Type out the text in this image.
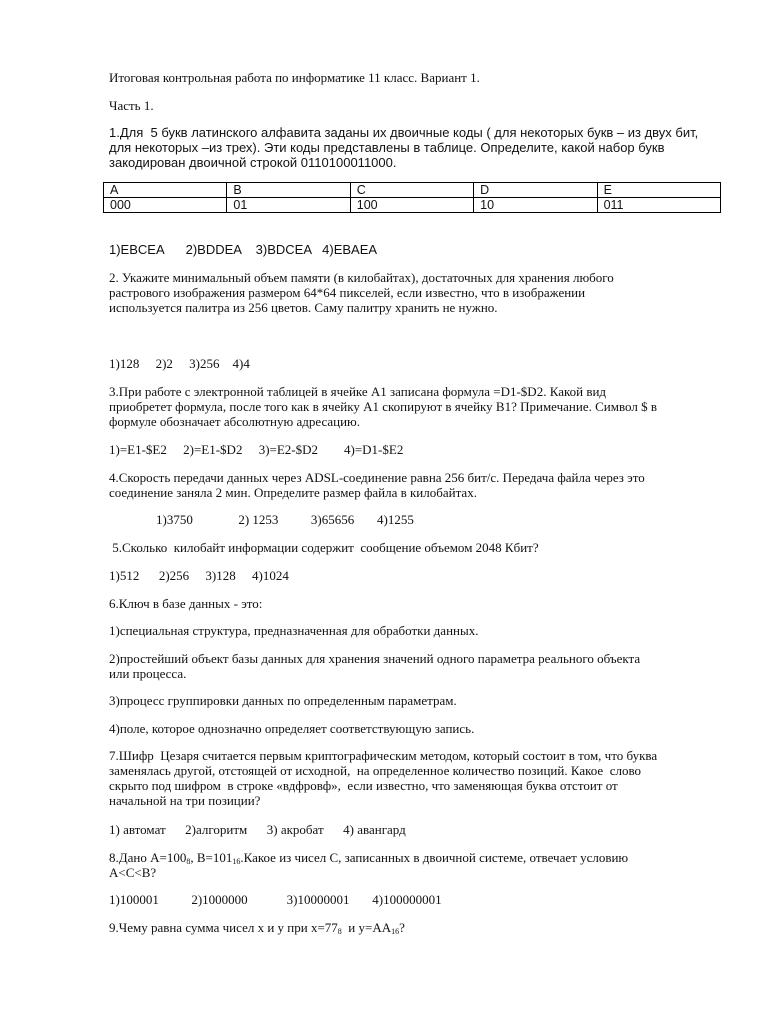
Итоговая контрольная работа по информатике 11 класс. Вариант 1.

Часть 1.

1.Для  5 букв латинского алфавита заданы их двоичные коды ( для некоторых букв – из двух бит,

для некоторых –из трех). Эти коды представлены в таблице. Определите, какой набор букв

закодирован двоичной строкой 0110100011000.

A	B	C	D	E
000	01	100	10	011

1)EBCEA      2)BDDEA    3)BDCEA   4)EBAEA

2. Укажите минимальный объем памяти (в килобайтах), достаточных для хранения любого

растрового изображения размером 64*64 пикселей, если известно, что в изображении

используется палитра из 256 цветов. Саму палитру хранить не нужно.

1)128     2)2     3)256    4)4

3.При работе с электронной таблицей в ячейке A1 записана формула =D1-$D2. Какой вид

приобретет формула, после того как в ячейку A1 скопируют в ячейку B1? Примечание. Символ $ в

формуле обозначает абсолютную адресацию.

1)=E1-$E2     2)=E1-$D2     3)=E2-$D2        4)=D1-$E2

4.Скорость передачи данных через ADSL-соединение равна 256 бит/с. Передача файла через это

соединение заняла 2 мин. Определите размер файла в килобайтах.

1)3750              2) 1253          3)65656       4)1255

5.Сколько  килобайт информации содержит  сообщение объемом 2048 Кбит?

1)512      2)256     3)128     4)1024

6.Ключ в базе данных - это:

1)специальная структура, предназначенная для обработки данных.

2)простейший объект базы данных для хранения значений одного параметра реального объекта

или процесса.

3)процесс группировки данных по определенным параметрам.

4)поле, которое однозначно определяет соответствующую запись.

7.Шифр  Цезаря считается первым криптографическим методом, который состоит в том, что буква

заменялась другой, отстоящей от исходной,  на определенное количество позиций. Какое  слово

скрыто под шифром  в строке «вдфровф»,  если известно, что заменяющая буква отстоит от

начальной на три позиции?

1) автомат      2)алгоритм      3) акробат      4) авангард

8.Дано $A=100_8$, $B=101_{16}.Какое$ из чисел С, записанных в двоичной системе, отвечает условию

A<C<B?

1)100001          2)1000000            3)10000001       4)100000001

9.Чему равна сумма чисел x и y при $x=77_8$  и $y=AA_{16}$?
